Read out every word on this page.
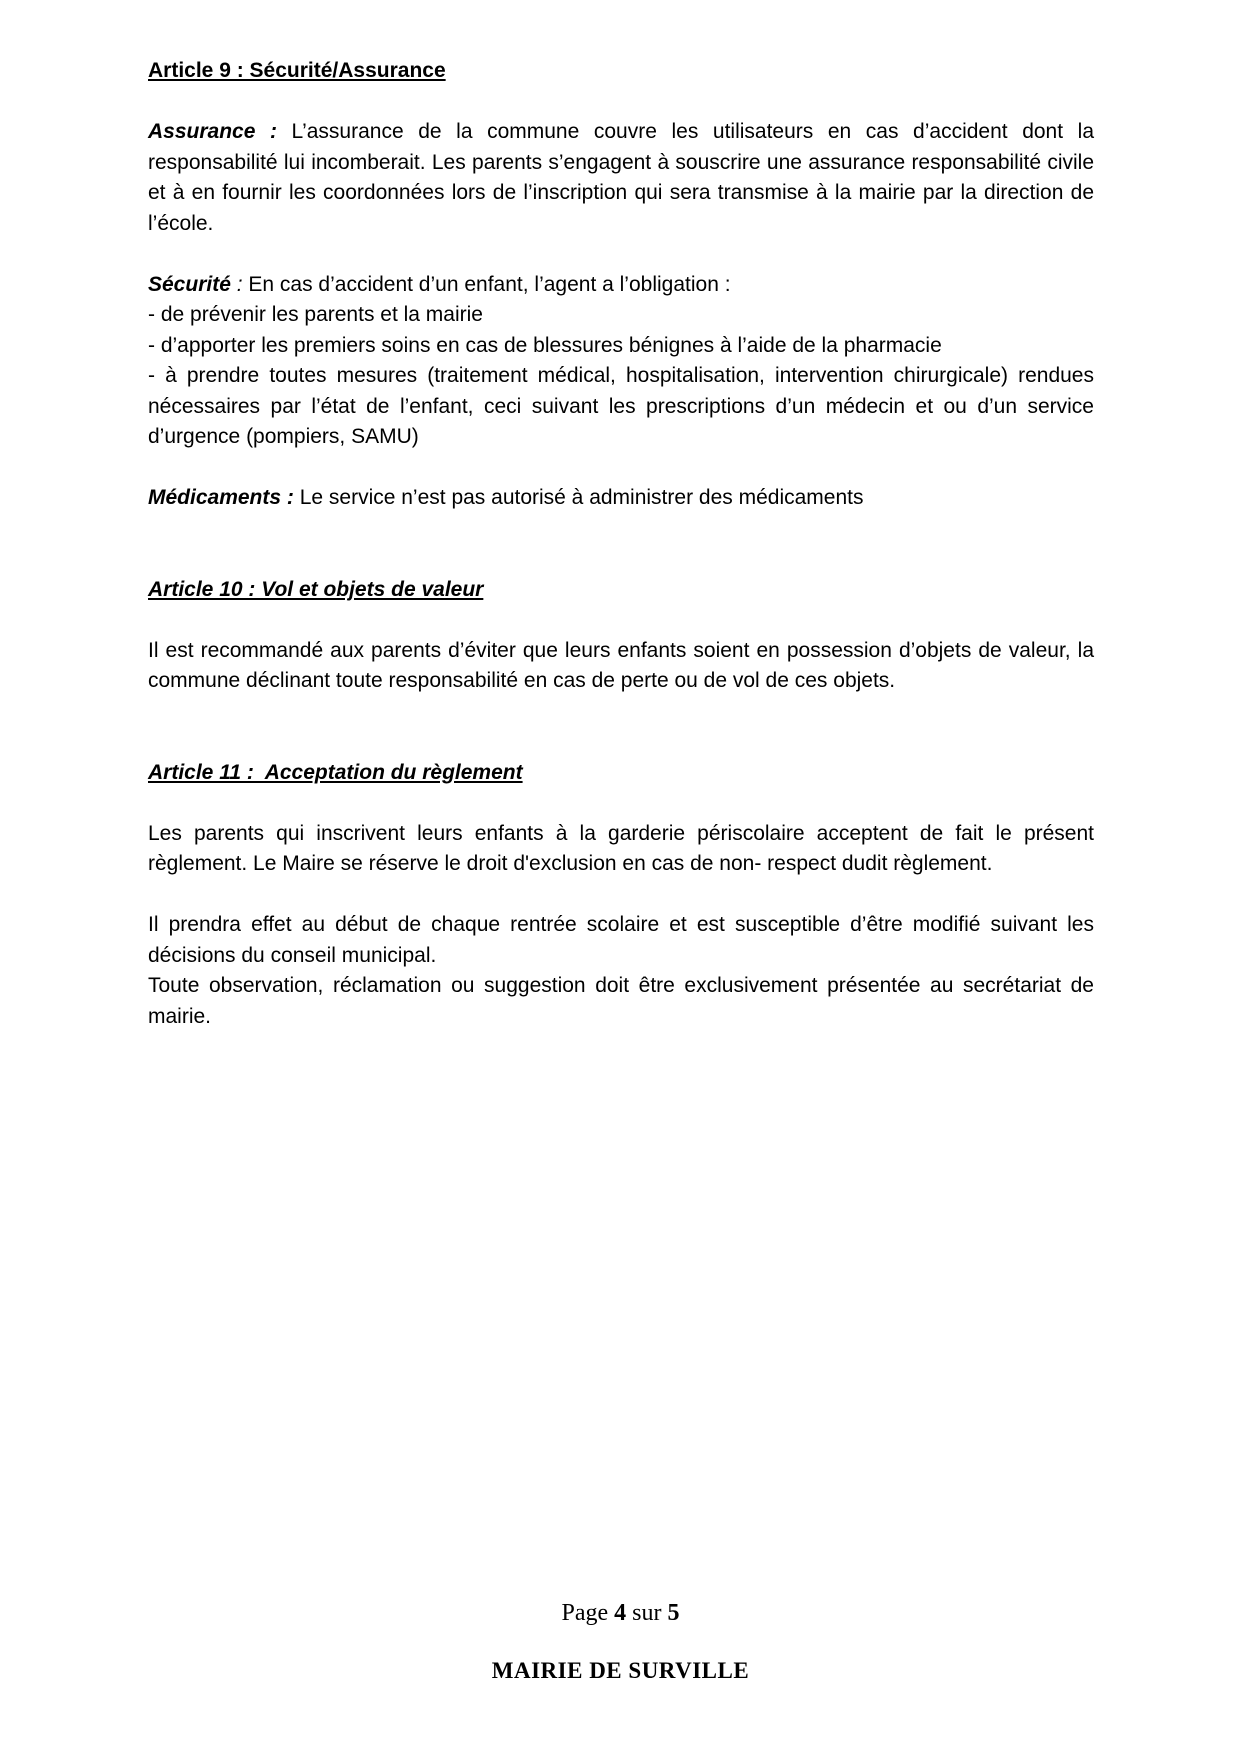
Article 9 : Sécurité/Assurance

Assurance : L’assurance de la commune couvre les utilisateurs en cas d’accident dont la responsabilité lui incomberait. Les parents s’engagent à souscrire une assurance responsabilité civile et à en fournir les coordonnées lors de l’inscription qui sera transmise à la mairie par la direction de l’école.

Sécurité : En cas d’accident d’un enfant, l’agent a l’obligation :

- de prévenir les parents et la mairie

- d’apporter les premiers soins en cas de blessures bénignes à l’aide de la pharmacie

- à prendre toutes mesures (traitement médical, hospitalisation, intervention chirurgicale) rendues nécessaires par l’état de l’enfant, ceci suivant les prescriptions d’un médecin et ou d’un service d’urgence (pompiers, SAMU)

Médicaments : Le service n’est pas autorisé à administrer des médicaments

Article 10 : Vol et objets de valeur

Il est recommandé aux parents d’éviter que leurs enfants soient en possession d’objets de valeur, la commune déclinant toute responsabilité en cas de perte ou de vol de ces objets.

Article 11 :  Acceptation du règlement

Les parents qui inscrivent leurs enfants à la garderie périscolaire acceptent de fait le présent règlement. Le Maire se réserve le droit d'exclusion en cas de non- respect dudit règlement.

Il prendra effet au début de chaque rentrée scolaire et est susceptible d’être modifié suivant les décisions du conseil municipal.

Toute observation, réclamation ou suggestion doit être exclusivement présentée au secrétariat de mairie.

Page 4 sur 5
MAIRIE DE SURVILLE
